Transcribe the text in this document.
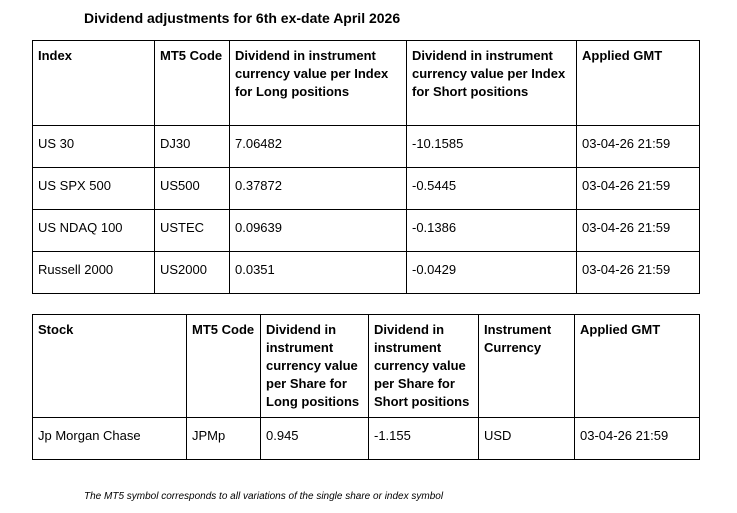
Dividend adjustments for 6th ex-date April 2026
Index	MT5 Code	Dividend in instrument currency value per Index for Long positions	Dividend in instrument currency value per Index for Short positions	Applied GMT
US 30	DJ30	7.06482	-10.1585	03-04-26 21:59
US SPX 500	US500	0.37872	-0.5445	03-04-26 21:59
US NDAQ 100	USTEC	0.09639	-0.1386	03-04-26 21:59
Russell 2000	US2000	0.0351	-0.0429	03-04-26 21:59
Stock	MT5 Code	Dividend in instrument currency value per Share for Long positions	Dividend in instrument currency value per Share for Short positions	Instrument Currency	Applied GMT
Jp Morgan Chase	JPMp	0.945	-1.155	USD	03-04-26 21:59
The MT5 symbol corresponds to all variations of the single share or index symbol
